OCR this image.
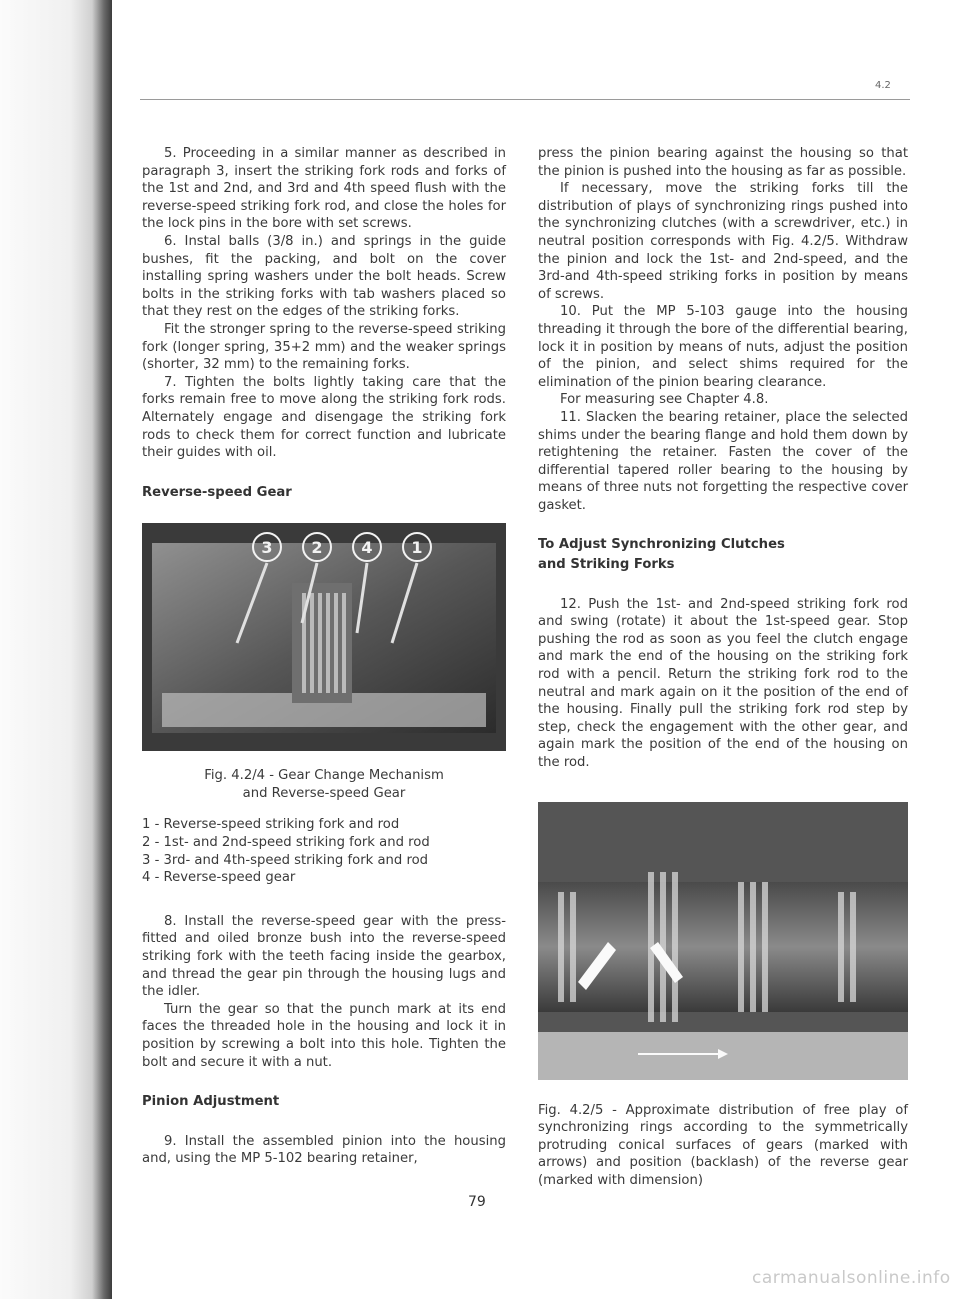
4.2

5. Proceeding in a similar manner as described in paragraph 3, insert the striking fork rods and forks of the 1st and 2nd, and 3rd and 4th speed flush with the reverse-speed striking fork rod, and close the holes for the lock pins in the bore with set screws.

6. Instal balls (3/8 in.) and springs in the guide bushes, fit the packing, and bolt on the cover installing spring washers under the bolt heads. Screw bolts in the striking forks with tab washers placed so that they rest on the edges of the striking forks.

Fit the stronger spring to the reverse-speed striking fork (longer spring, 35+2 mm) and the weaker springs (shorter, 32 mm) to the remaining forks.

7. Tighten the bolts lightly taking care that the forks remain free to move along the striking fork rods. Alternately engage and disengage the striking fork rods to check them for correct function and lubricate their guides with oil.

Reverse-speed Gear

3 2 4 1

Fig. 4.2/4 - Gear Change Mechanism

and Reverse-speed Gear

1 - Reverse-speed striking fork and rod

2 - 1st- and 2nd-speed striking fork and rod

3 - 3rd- and 4th-speed striking fork and rod

4 - Reverse-speed gear

8. Install the reverse-speed gear with the press-fitted and oiled bronze bush into the reverse-speed striking fork with the teeth facing inside the gearbox, and thread the gear pin through the housing lugs and the idler.

Turn the gear so that the punch mark at its end faces the threaded hole in the housing and lock it in position by screwing a bolt into this hole. Tighten the bolt and secure it with a nut.

Pinion Adjustment

9. Install the assembled pinion into the housing and, using the MP 5-102 bearing retainer,

press the pinion bearing against the housing so that the pinion is pushed into the housing as far as possible.

If necessary, move the striking forks till the distribution of plays of synchronizing rings pushed into the synchronizing clutches (with a screwdriver, etc.) in neutral position corresponds with Fig. 4.2/5. Withdraw the pinion and lock the 1st- and 2nd-speed, and the 3rd-and 4th-speed striking forks in position by means of screws.

10. Put the MP 5-103 gauge into the housing threading it through the bore of the differential bearing, lock it in position by means of nuts, adjust the position of the pinion, and select shims required for the elimination of the pinion bearing clearance.

For measuring see Chapter 4.8.

11. Slacken the bearing retainer, place the selected shims under the bearing flange and hold them down by retightening the retainer. Fasten the cover of the differential tapered roller bearing to the housing by means of three nuts not forgetting the respective cover gasket.

To Adjust Synchronizing Clutches

and Striking Forks

12. Push the 1st- and 2nd-speed striking fork rod and swing (rotate) it about the 1st-speed gear. Stop pushing the rod as soon as you feel the clutch engage and mark the end of the housing on the striking fork rod with a pencil. Return the striking fork rod to the neutral and mark again on it the position of the end of the housing. Finally pull the striking fork rod step by step, check the engagement with the other gear, and again mark the position of the end of the housing on the rod.

Fig. 4.2/5 - Approximate distribution of free play of synchronizing rings according to the symmetrically protruding conical surfaces of gears (marked with arrows) and position (backlash) of the reverse gear (marked with dimension)

79
carmanualsonline.info
